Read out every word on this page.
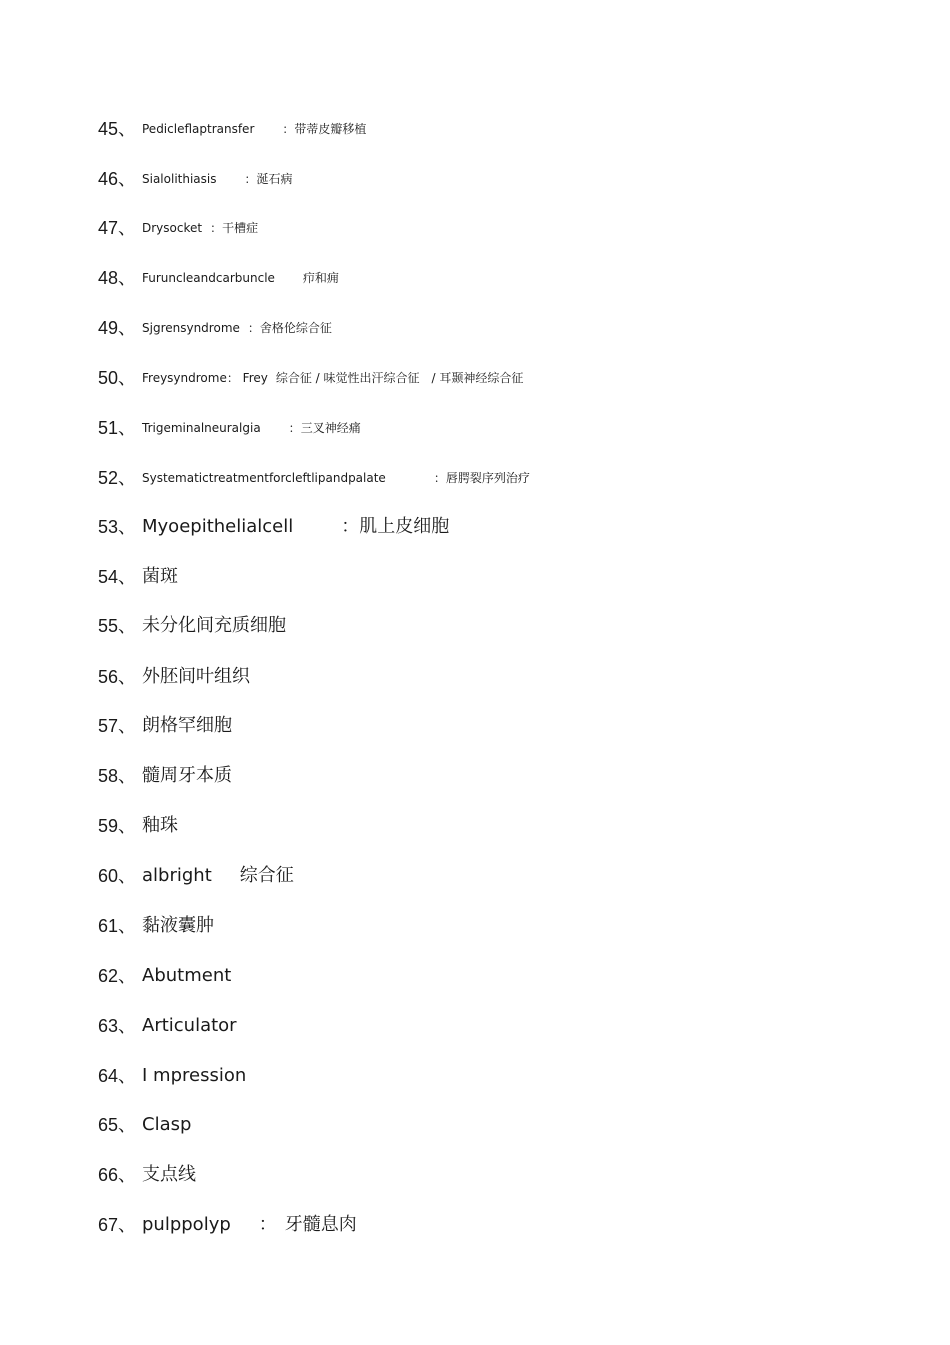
45、 Pedicleflaptransfer ：带蒂皮瓣移植
46、 Sialolithiasis ：涎石病
47、 Drysocket ：干槽症
48、 Furuncleandcarbuncle 疖和痈
49、 Sjgrensyndrome ：舍格伦综合征
50、 Freysyndrome： Frey 综合征 / 味觉性出汗综合征　/ 耳颞神经综合征
51、 Trigeminalneuralgia ：三叉神经痛
52、 Systematictreatmentforcleftlipandpalate	：唇腭裂序列治疗
53、 Myoepithelialcell	：肌上皮细胞
54、 菌斑
55、 未分化间充质细胞
56、 外胚间叶组织
57、 朗格罕细胞
58、 髓周牙本质
59、 釉珠
60、 albright 综合征
61、 黏液囊肿
62、 Abutment
63、 Articulator
64、 I mpression
65、 Clasp
66、 支点线
67、 pulppolyp ： 牙髓息肉
